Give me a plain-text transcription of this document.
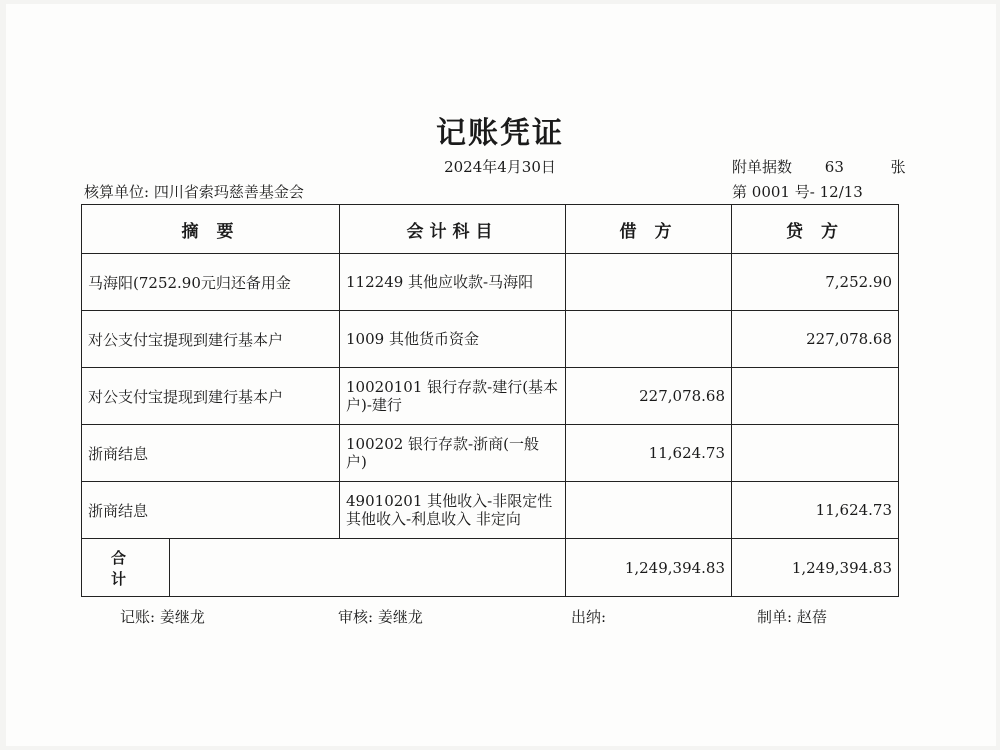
记账凭证
2024年4月30日	附单据数 63	张
核算单位: 四川省索玛慈善基金会	第 0001 号- 12/13
摘 要		会计科目	借 方	贷 方
马海阳(7252.90元归还备用金		112249 其他应收款-马海阳		7,252.90
对公支付宝提现到建行基本户		1009 其他货币资金		227,078.68
对公支付宝提现到建行基本户		10020101 银行存款-建行(基本户)-建行	227,078.68	
浙商结息		100202 银行存款-浙商(一般户)	11,624.73	
浙商结息		49010201 其他收入-非限定性其他收入-利息收入 非定向		11,624.73
合 计			1,249,394.83	1,249,394.83
记账: 姜继龙	审核: 姜继龙	出纳:	制单: 赵蓓
